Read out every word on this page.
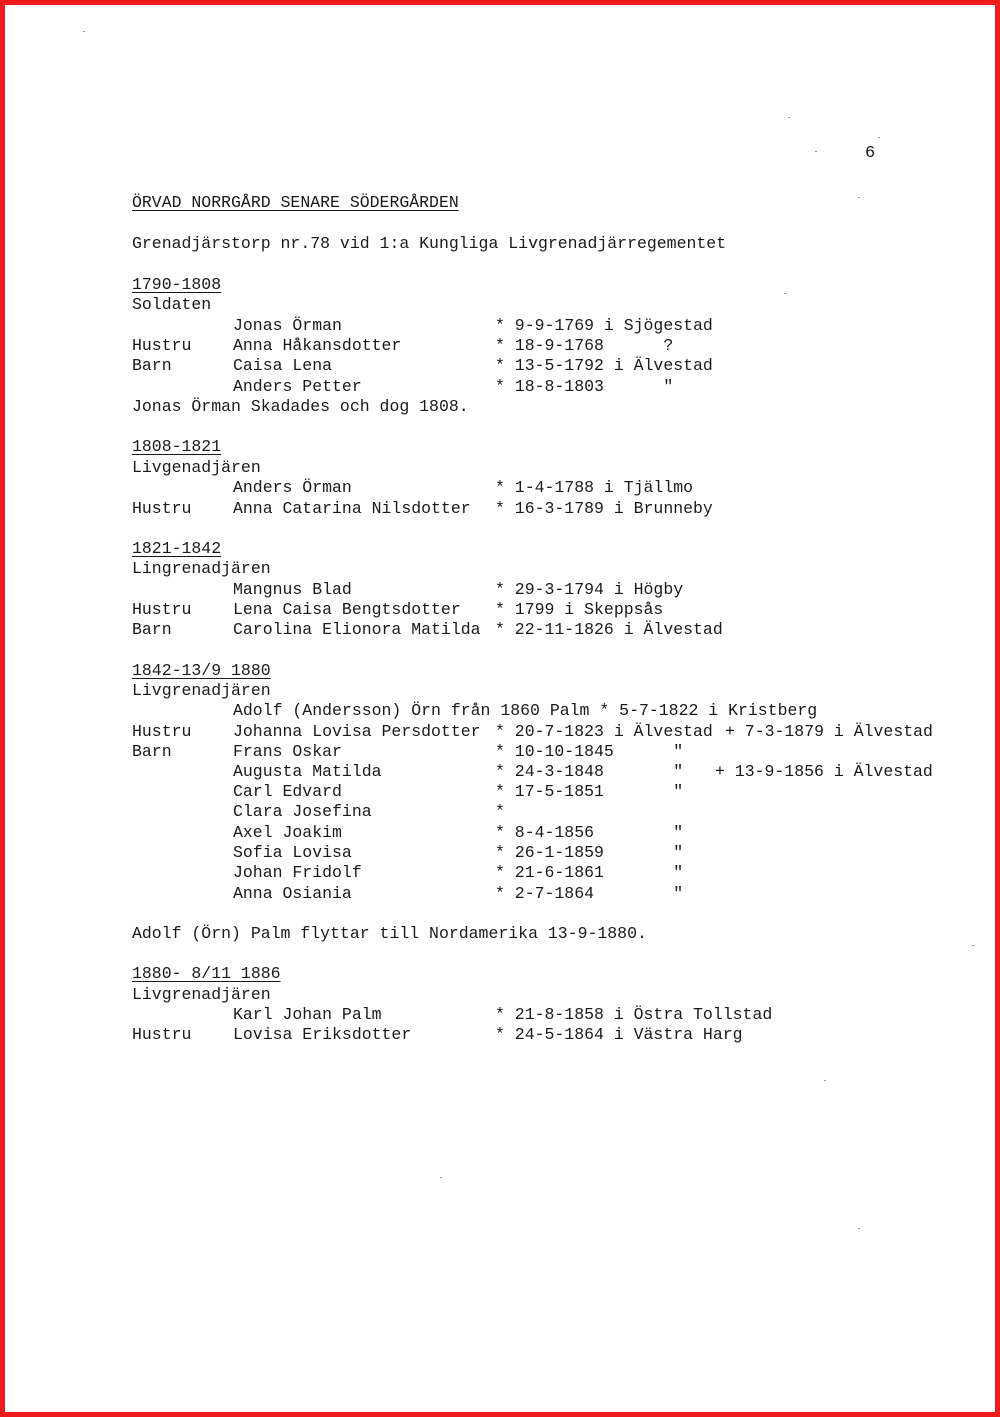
6
ÖRVAD NORRGÅRD SENARE SÖDERGÅRDEN
Grenadjärstorp nr.78 vid 1:a Kungliga Livgrenadjärregementet
1790-1808
Soldaten
Jonas Örman	* 9-9-1769 i Sjögestad
Hustru	Anna Håkansdotter	* 18-9-1768      ?
Barn	Caisa Lena	* 13-5-1792 i Älvestad
Anders Petter	* 18-8-1803      "
Jonas Örman Skadades och dog 1808.
1808-1821
Livgenadjären
Anders Örman	* 1-4-1788 i Tjällmo
Hustru	Anna Catarina Nilsdotter * 16-3-1789 i Brunneby
1821-1842
Lingrenadjären
Mangnus Blad	* 29-3-1794 i Högby
Hustru	Lena Caisa Bengtsdotter * 1799 i Skeppsås
Barn	Carolina Elionora Matilda * 22-11-1826 i Älvestad
1842-13/9 1880
Livgrenadjären
Adolf (Andersson) Örn från 1860 Palm * 5-7-1822 i Kristberg
Hustru	Johanna Lovisa Persdotter * 20-7-1823 i Älvestad + 7-3-1879 i Älvestad
Barn	Frans Oskar	* 10-10-1845      "
Augusta Matilda	* 24-3-1848       " + 13-9-1856 i Älvestad
Carl Edvard	* 17-5-1851       "
Clara Josefina	*
Axel Joakim	* 8-4-1856        "
Sofia Lovisa	* 26-1-1859       "
Johan Fridolf	* 21-6-1861       "
Anna Osiania	* 2-7-1864        "
Adolf (Örn) Palm flyttar till Nordamerika 13-9-1880.
1880- 8/11 1886
Livgrenadjären
Karl Johan Palm	* 21-8-1858 i Östra Tollstad
Hustru	Lovisa Eriksdotter	* 24-5-1864 i Västra Harg
